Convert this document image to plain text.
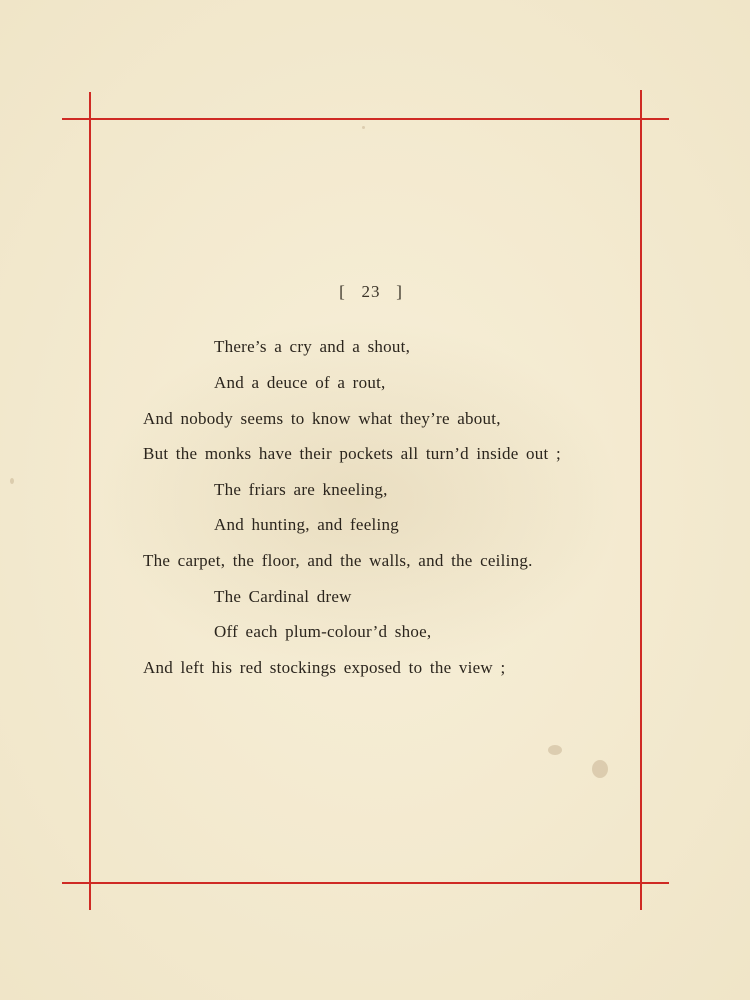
[   23   ]
There’s a cry and a shout,
And a deuce of a rout,
And nobody seems to know what they’re about,
But the monks have their pockets all turn’d inside out ;
The friars are kneeling,
And hunting, and feeling
The carpet, the floor, and the walls, and the ceiling.
The Cardinal drew
Off each plum-colour’d shoe,
And left his red stockings exposed to the view ;
